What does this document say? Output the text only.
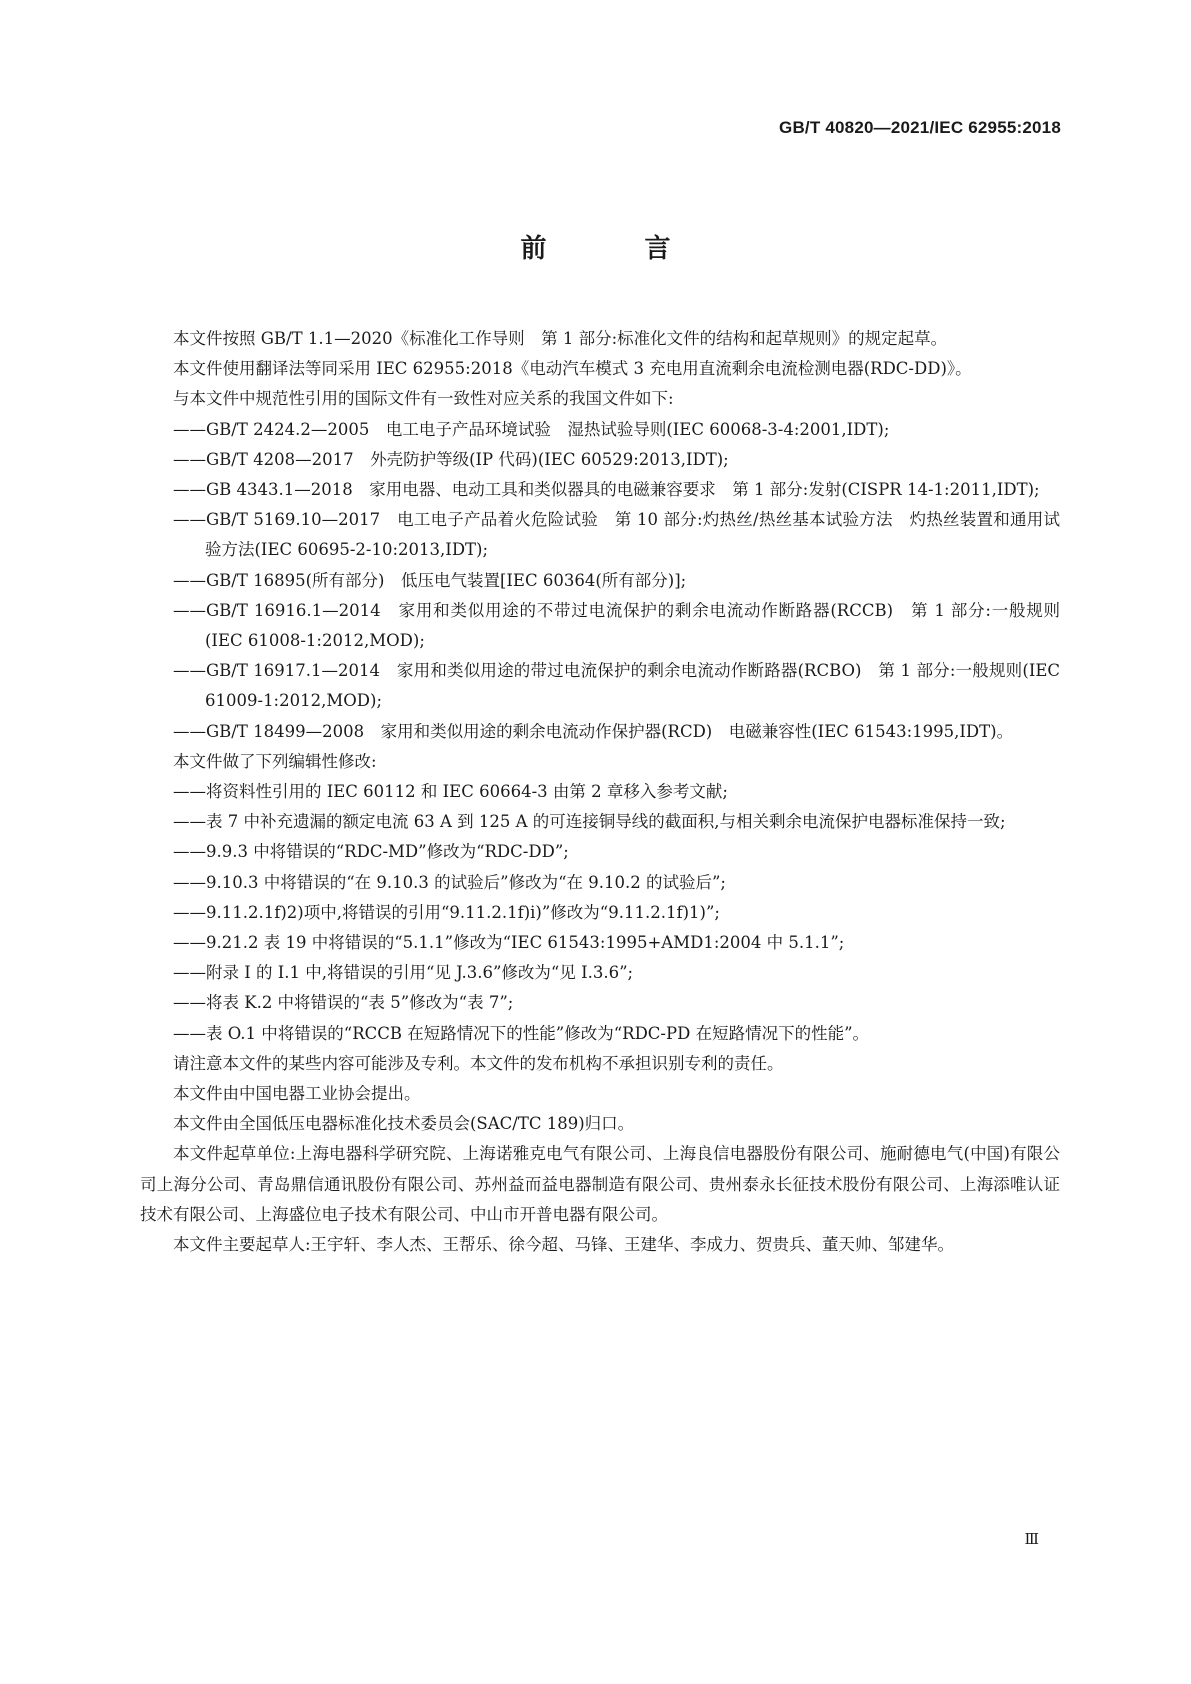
GB/T 40820—2021/IEC 62955:2018
前　言

本文件按照 GB/T 1.1—2020《标准化工作导则　第 1 部分:标准化文件的结构和起草规则》的规定起草。

本文件使用翻译法等同采用 IEC 62955:2018《电动汽车模式 3 充电用直流剩余电流检测电器(RDC-DD)》。

与本文件中规范性引用的国际文件有一致性对应关系的我国文件如下:

——GB/T 2424.2—2005　电工电子产品环境试验　湿热试验导则(IEC 60068-3-4:2001,IDT);

——GB/T 4208—2017　外壳防护等级(IP 代码)(IEC 60529:2013,IDT);

——GB 4343.1—2018　家用电器、电动工具和类似器具的电磁兼容要求　第 1 部分:发射(CISPR 14-1:2011,IDT);

——GB/T 5169.10—2017　电工电子产品着火危险试验　第 10 部分:灼热丝/热丝基本试验方法　灼热丝装置和通用试验方法(IEC 60695-2-10:2013,IDT);

——GB/T 16895(所有部分)　低压电气装置[IEC 60364(所有部分)];

——GB/T 16916.1—2014　家用和类似用途的不带过电流保护的剩余电流动作断路器(RCCB)　第 1 部分:一般规则(IEC 61008-1:2012,MOD);

——GB/T 16917.1—2014　家用和类似用途的带过电流保护的剩余电流动作断路器(RCBO)　第 1 部分:一般规则(IEC 61009-1:2012,MOD);

——GB/T 18499—2008　家用和类似用途的剩余电流动作保护器(RCD)　电磁兼容性(IEC 61543:1995,IDT)。

本文件做了下列编辑性修改:

——将资料性引用的 IEC 60112 和 IEC 60664-3 由第 2 章移入参考文献;

——表 7 中补充遗漏的额定电流 63 A 到 125 A 的可连接铜导线的截面积,与相关剩余电流保护电器标准保持一致;

——9.9.3 中将错误的“RDC-MD”修改为“RDC-DD”;

——9.10.3 中将错误的“在 9.10.3 的试验后”修改为“在 9.10.2 的试验后”;

——9.11.2.1f)2)项中,将错误的引用“9.11.2.1f)i)”修改为“9.11.2.1f)1)”;

——9.21.2 表 19 中将错误的“5.1.1”修改为“IEC 61543:1995+AMD1:2004 中 5.1.1”;

——附录 I 的 I.1 中,将错误的引用“见 J.3.6”修改为“见 I.3.6”;

——将表 K.2 中将错误的“表 5”修改为“表 7”;

——表 O.1 中将错误的“RCCB 在短路情况下的性能”修改为“RDC-PD 在短路情况下的性能”。

请注意本文件的某些内容可能涉及专利。本文件的发布机构不承担识别专利的责任。

本文件由中国电器工业协会提出。

本文件由全国低压电器标准化技术委员会(SAC/TC 189)归口。

本文件起草单位:上海电器科学研究院、上海诺雅克电气有限公司、上海良信电器股份有限公司、施耐德电气(中国)有限公司上海分公司、青岛鼎信通讯股份有限公司、苏州益而益电器制造有限公司、贵州泰永长征技术股份有限公司、上海添唯认证技术有限公司、上海盛位电子技术有限公司、中山市开普电器有限公司。

本文件主要起草人:王宇轩、李人杰、王帮乐、徐今超、马锋、王建华、李成力、贺贵兵、董天帅、邹建华。

Ⅲ
